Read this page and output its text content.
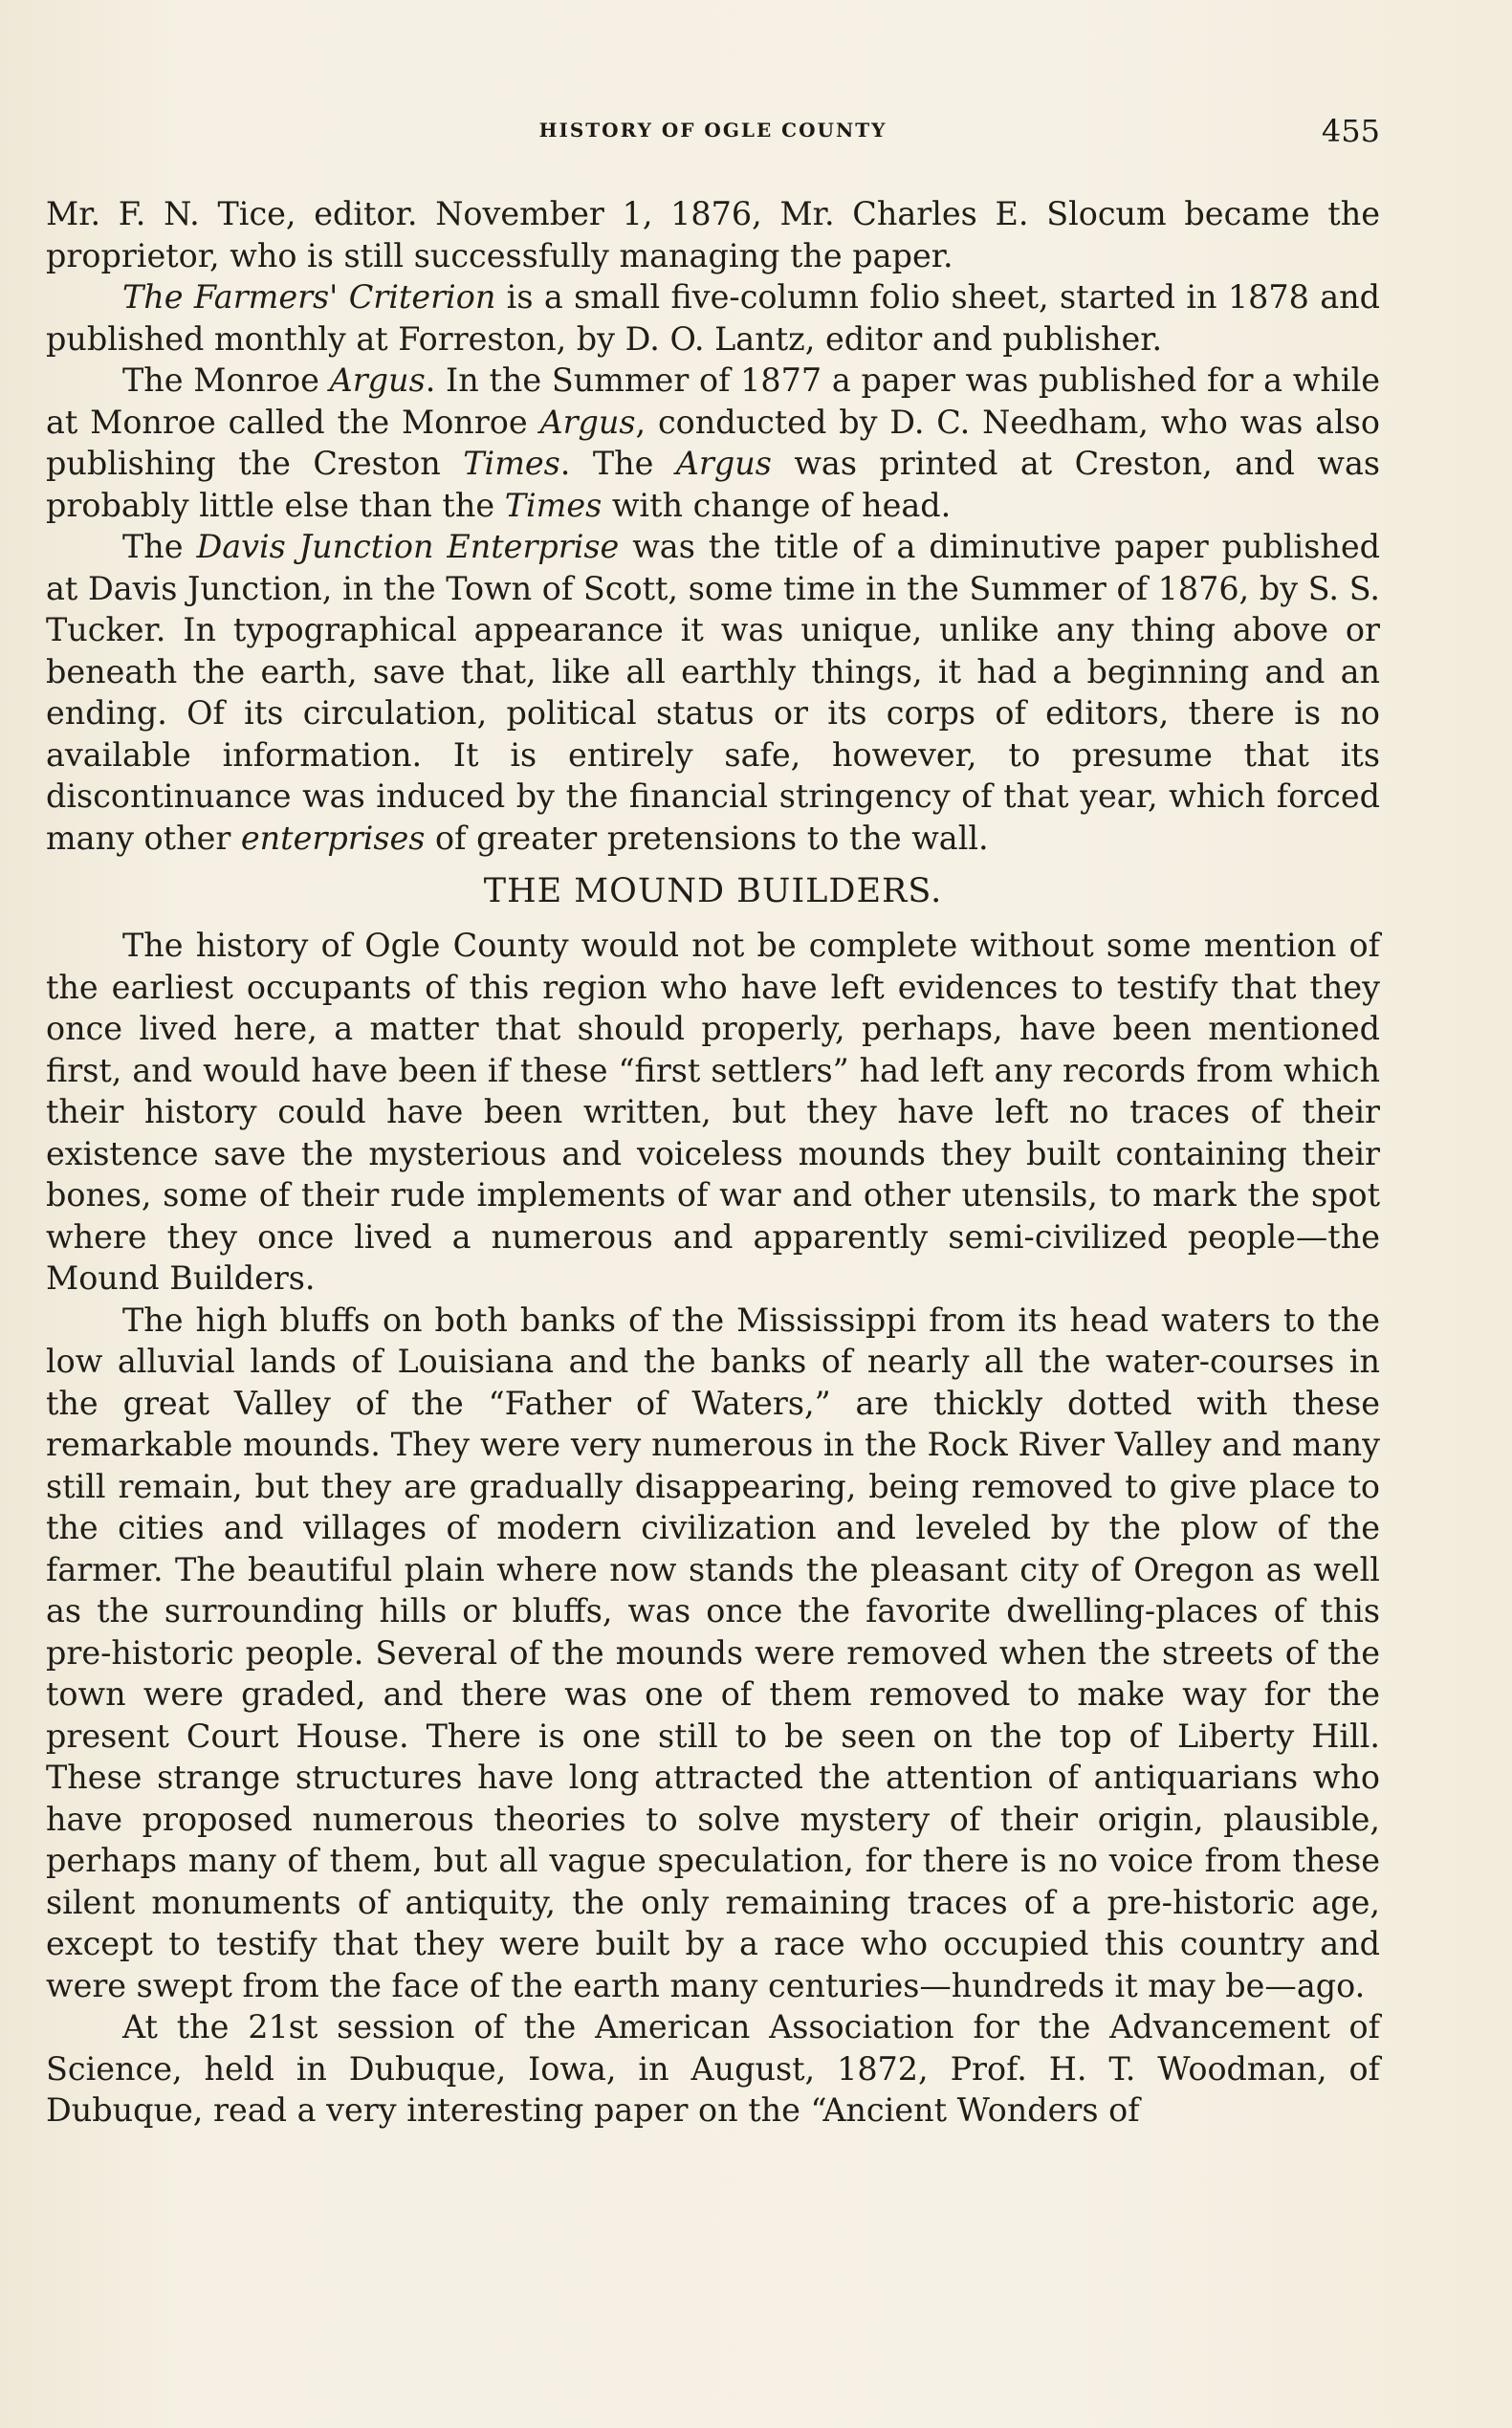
HISTORY OF OGLE COUNTY	455

Mr. F. N. Tice, editor. November 1, 1876, Mr. Charles E. Slocum became the proprietor, who is still successfully managing the paper.

The Farmers' Criterion is a small five-column folio sheet, started in 1878 and published monthly at Forreston, by D. O. Lantz, editor and publisher.

The Monroe Argus. In the Summer of 1877 a paper was published for a while at Monroe called the Monroe Argus, conducted by D. C. Needham, who was also publishing the Creston Times. The Argus was printed at Creston, and was probably little else than the Times with change of head.

The Davis Junction Enterprise was the title of a diminutive paper published at Davis Junction, in the Town of Scott, some time in the Summer of 1876, by S. S. Tucker. In typographical appearance it was unique, unlike any thing above or beneath the earth, save that, like all earthly things, it had a beginning and an ending. Of its circulation, political status or its corps of editors, there is no available information. It is entirely safe, however, to presume that its discontinuance was induced by the financial stringency of that year, which forced many other enterprises of greater pretensions to the wall.

THE MOUND BUILDERS.

The history of Ogle County would not be complete without some mention of the earliest occupants of this region who have left evidences to testify that they once lived here, a matter that should properly, perhaps, have been mentioned first, and would have been if these “first settlers” had left any records from which their history could have been written, but they have left no traces of their existence save the mysterious and voiceless mounds they built containing their bones, some of their rude implements of war and other utensils, to mark the spot where they once lived a numerous and apparently semi-civilized people—the Mound Builders.

The high bluffs on both banks of the Mississippi from its head waters to the low alluvial lands of Louisiana and the banks of nearly all the water-courses in the great Valley of the “Father of Waters,” are thickly dotted with these remarkable mounds. They were very numerous in the Rock River Valley and many still remain, but they are gradually disappearing, being removed to give place to the cities and villages of modern civilization and leveled by the plow of the farmer. The beautiful plain where now stands the pleasant city of Oregon as well as the surrounding hills or bluffs, was once the favorite dwelling-places of this pre-historic people. Several of the mounds were removed when the streets of the town were graded, and there was one of them removed to make way for the present Court House. There is one still to be seen on the top of Liberty Hill. These strange structures have long attracted the attention of antiquarians who have proposed numerous theories to solve mystery of their origin, plausible, perhaps many of them, but all vague speculation, for there is no voice from these silent monuments of antiquity, the only remaining traces of a pre-historic age, except to testify that they were built by a race who occupied this country and were swept from the face of the earth many centuries—hundreds it may be—ago.

At the 21st session of the American Association for the Advancement of Science, held in Dubuque, Iowa, in August, 1872, Prof. H. T. Woodman, of Dubuque, read a very interesting paper on the “Ancient Wonders of
